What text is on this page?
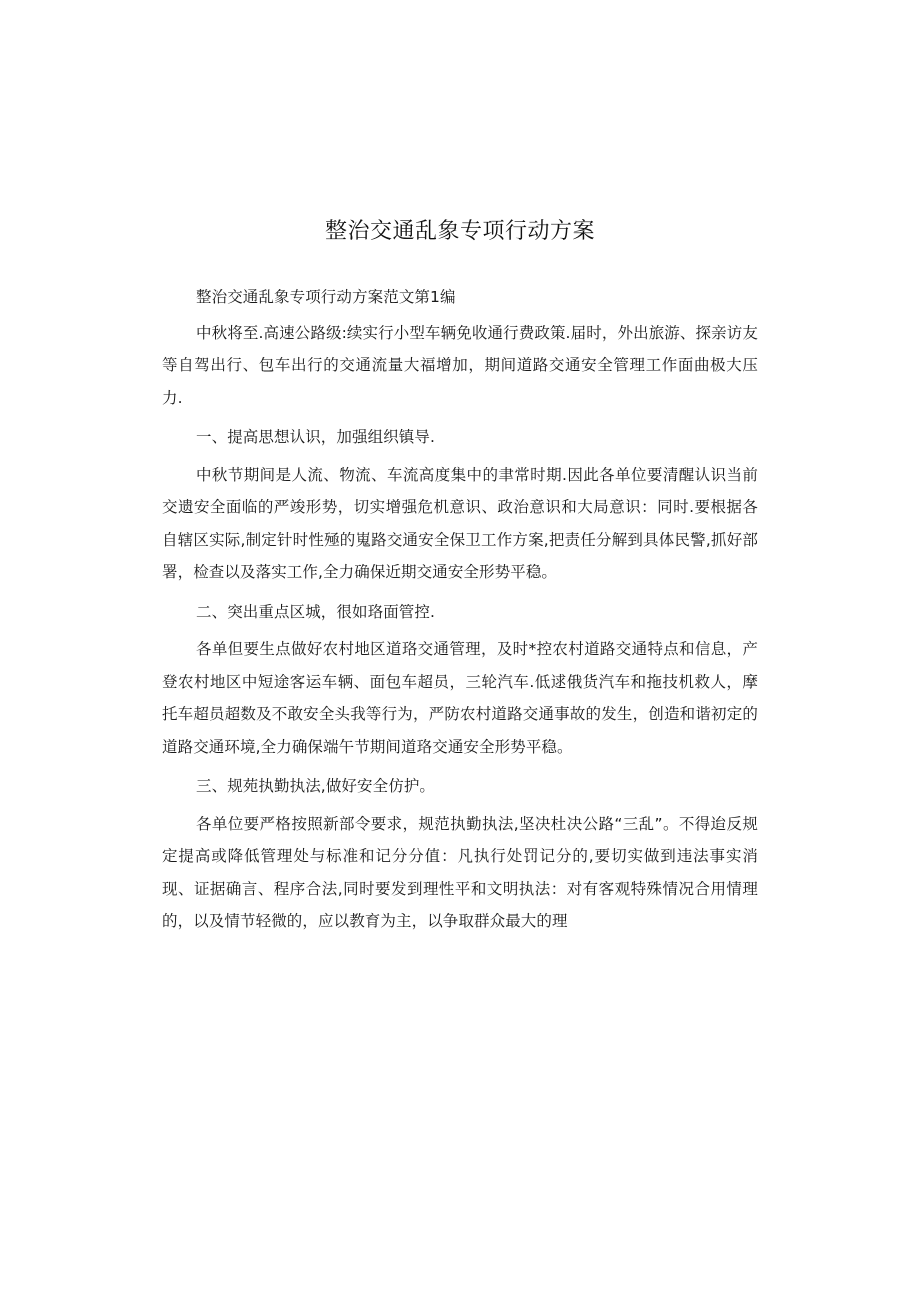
整治交通乱象专项行动方案

整治交通乱象专项行动方案范文第1编

中秋将至.高速公路级:续实行小型车辆免收通行费政策.届时，外出旅游、探亲访友等自驾出行、包车出行的交通流量大福增加，期间道路交通安全管理工作面曲极大压力.

一、提高思想认识，加强组织镇导.

中秋节期间是人流、物流、车流高度集中的聿常时期.因此各单位要清醒认识当前交遗安全面临的严竣形势，切实增强危机意识、政治意识和大局意识：同时.要根据各自辖区实际,制定针时性殛的嵬路交通安全保卫工作方案,把责任分解到具体民警,抓好部署，检查以及落实工作,全力确保近期交通安全形势平稳。

二、突出重点区城，很如珞面管控.

各单但要生点做好农村地区道珞交通管理，及时*控农村道路交通特点和信息，产登农村地区中短途客运车辆、面包车超员，三轮汽车.低逑俄货汽车和拖技机救人，摩托车超员超数及不敢安全头我等行为，严防农村道路交通事故的发生，创造和谐初定的道路交通环境,全力确保端午节期间道珞交通安全形势平稳。

三、规苑执勤执法,做好安全仿护。

各单位要严格按照新部令要求，规范执勤执法,坚决杜决公路“三乱”。不得迨反规定提高或降低管理处与标准和记分分值：凡执行处罚记分的,要切实做到违法事实消现、证据确言、程序合法,同时要发到理性平和文明执法：对有客观特殊情况合用情理的，以及情节轻微的，应以教育为主，以争取群众最大的理
